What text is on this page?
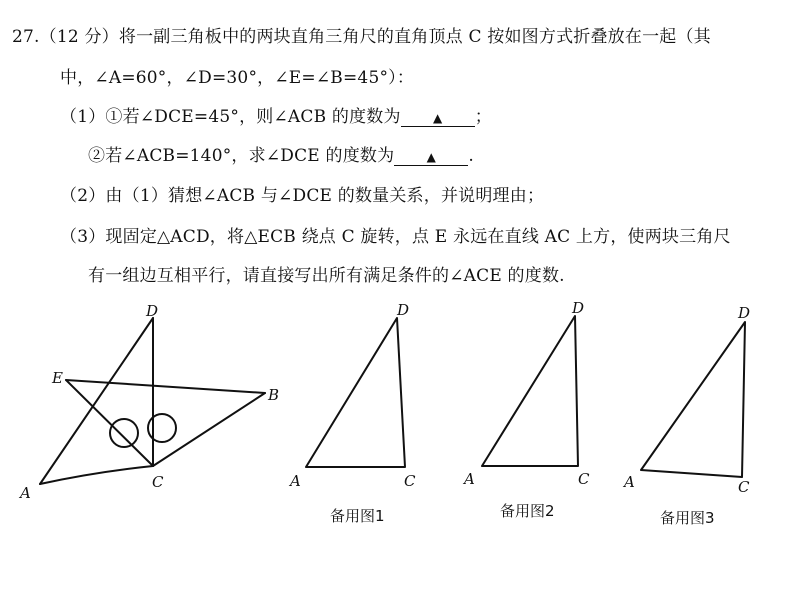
27.（12 分）将一副三角板中的两块直角三角尺的直角顶点 C 按如图方式折叠放在一起（其
中，∠A=60°，∠D=30°，∠E=∠B=45°）：
（1）①若∠DCE=45°，则∠ACB 的度数为	▲ ；
②若∠ACB=140°，求∠DCE 的度数为	▲ .
（2）由（1）猜想∠ACB 与∠DCE 的数量关系，并说明理由；
（3）现固定△ACD，将△ECB 绕点 C 旋转，点 E 永远在直线 AC 上方，使两块三角尺
有一组边互相平行，请直接写出所有满足条件的∠ACE 的度数.
D
E
B
A
C
D
A	C
备用图1
D
A	C
备用图2
D
A	C
备用图3
